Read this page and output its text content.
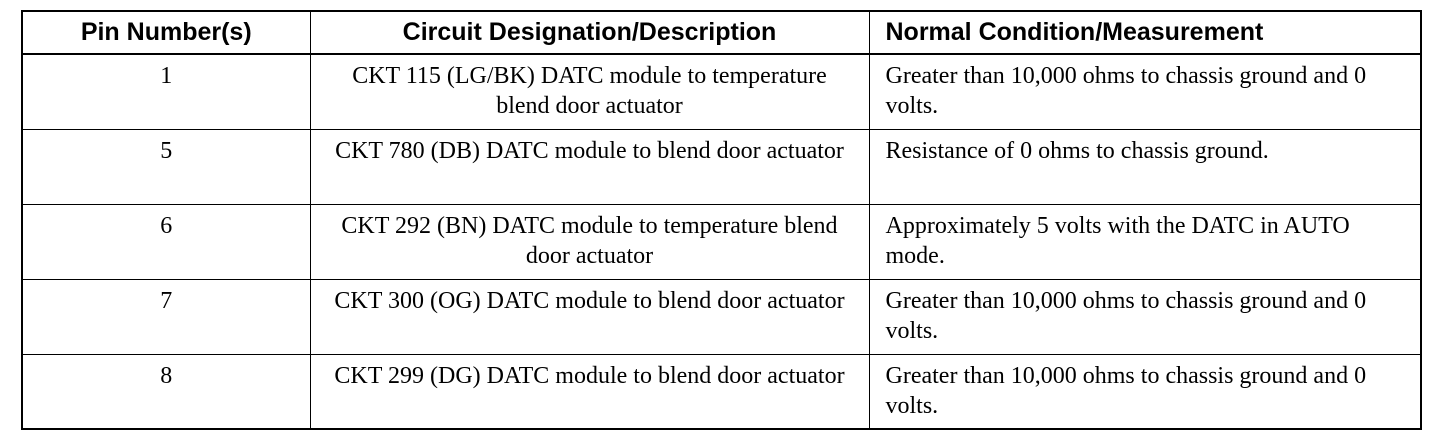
Pin Number(s)	Circuit Designation/Description	Normal Condition/Measurement
1	CKT 115 (LG/BK) DATC module to temperature blend door actuator	Greater than 10,000 ohms to chassis ground and 0 volts.
5	CKT 780 (DB) DATC module to blend door actuator	Resistance of 0 ohms to chassis ground.
6	CKT 292 (BN) DATC module to temperature blend door actuator	Approximately 5 volts with the DATC in AUTO mode.
7	CKT 300 (OG) DATC module to blend door actuator	Greater than 10,000 ohms to chassis ground and 0 volts.
8	CKT 299 (DG) DATC module to blend door actuator	Greater than 10,000 ohms to chassis ground and 0 volts.
